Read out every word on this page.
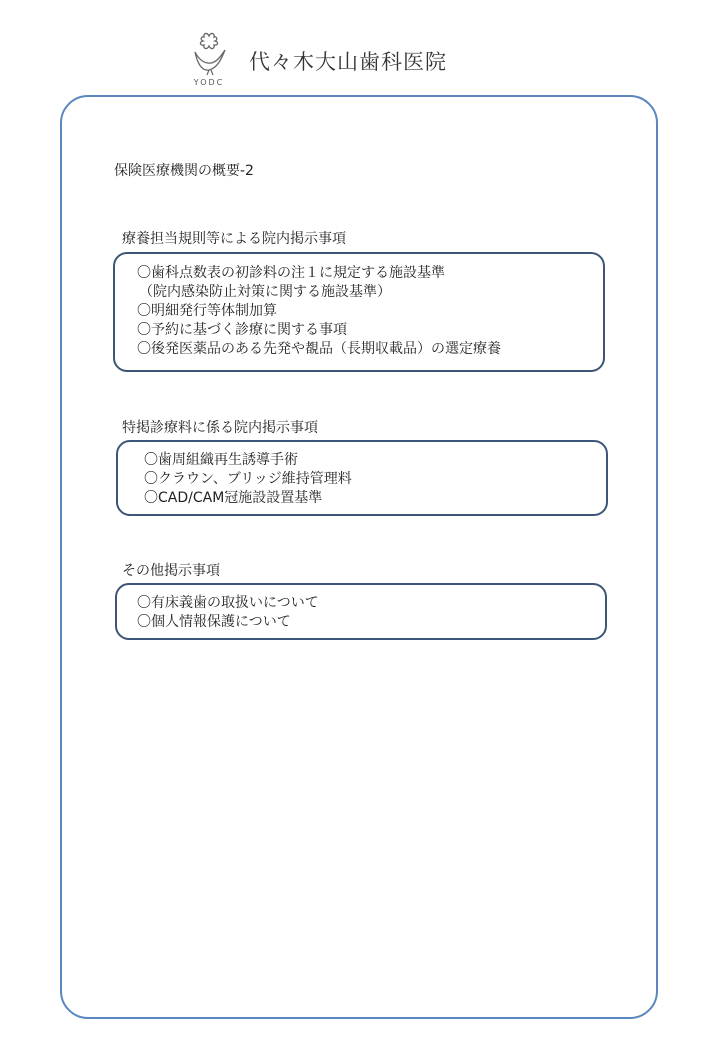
YODC
代々木大山歯科医院
保険医療機関の概要-2
療養担当規則等による院内掲示事項
〇歯科点数表の初診料の注１に規定する施設基準
（院内感染防止対策に関する施設基準）
〇明細発行等体制加算
〇予約に基づく診療に関する事項
〇後発医薬品のある先発や覩品（長期収載品）の選定療養
特掲診療料に係る院内掲示事項
〇歯周組織再生誘導手術
〇クラウン、ブリッジ維持管理料
〇CAD/CAM冠施設設置基準
その他掲示事項
〇有床義歯の取扱いについて
〇個人情報保護について
